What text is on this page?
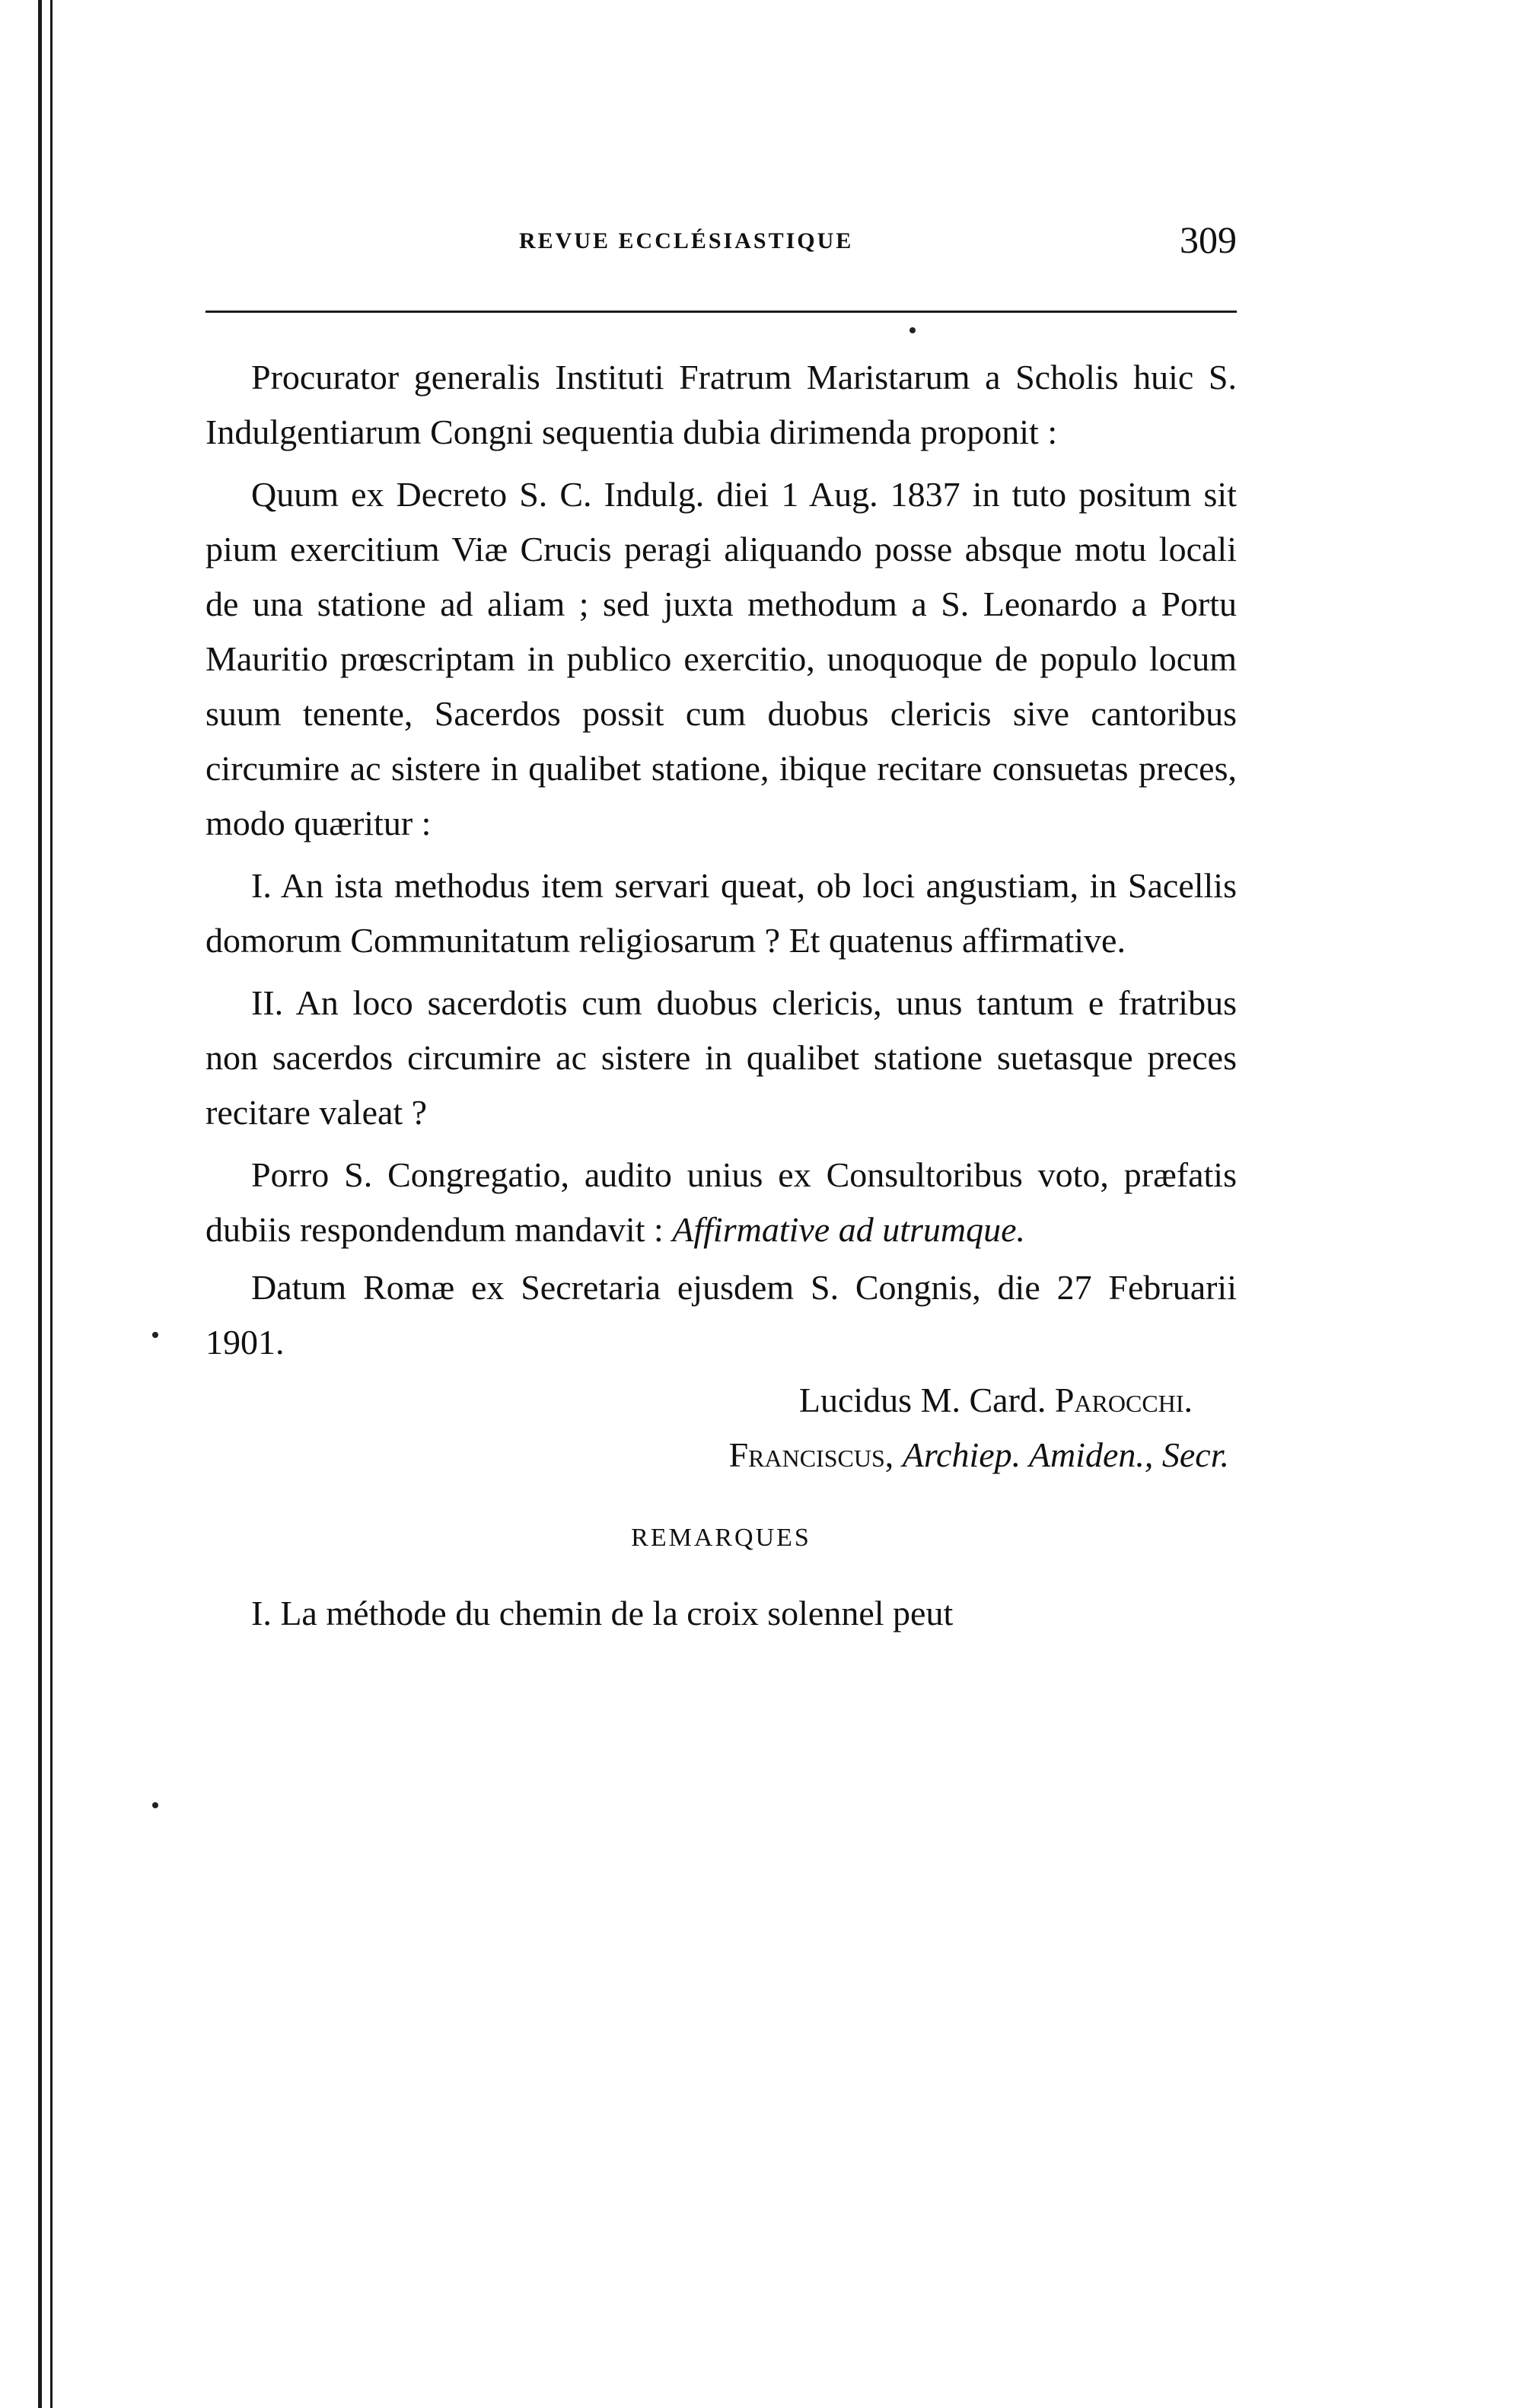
REVUE ECCLÉSIASTIQUE	309

Procurator generalis Instituti Fratrum Maristarum a Scholis huic S. Indulgentiarum Congni sequentia dubia dirimenda proponit :

Quum ex Decreto S. C. Indulg. diei 1 Aug. 1837 in tuto positum sit pium exercitium Viæ Crucis peragi aliquando posse absque motu locali de una statione ad aliam ; sed juxta methodum a S. Leonardo a Portu Mauritio prœscriptam in publico exercitio, unoquoque de populo locum suum tenente, Sacerdos possit cum duobus clericis sive cantoribus circumire ac sistere in qualibet statione, ibique recitare consuetas preces, modo quæritur :

I. An ista methodus item servari queat, ob loci angustiam, in Sacellis domorum Communitatum religiosarum ? Et quatenus affirmative.

II. An loco sacerdotis cum duobus clericis, unus tantum e fratribus non sacerdos circumire ac sistere in qualibet statione suetasque preces recitare valeat ?

Porro S. Congregatio, audito unius ex Consultoribus voto, præfatis dubiis respondendum mandavit : Affirmative ad utrumque.

Datum Romæ ex Secretaria ejusdem S. Congnis, die 27 Februarii 1901.

Lucidus M. Card. Parocchi.

Franciscus, Archiep. Amiden., Secr.

REMARQUES

I. La méthode du chemin de la croix solennel peut
